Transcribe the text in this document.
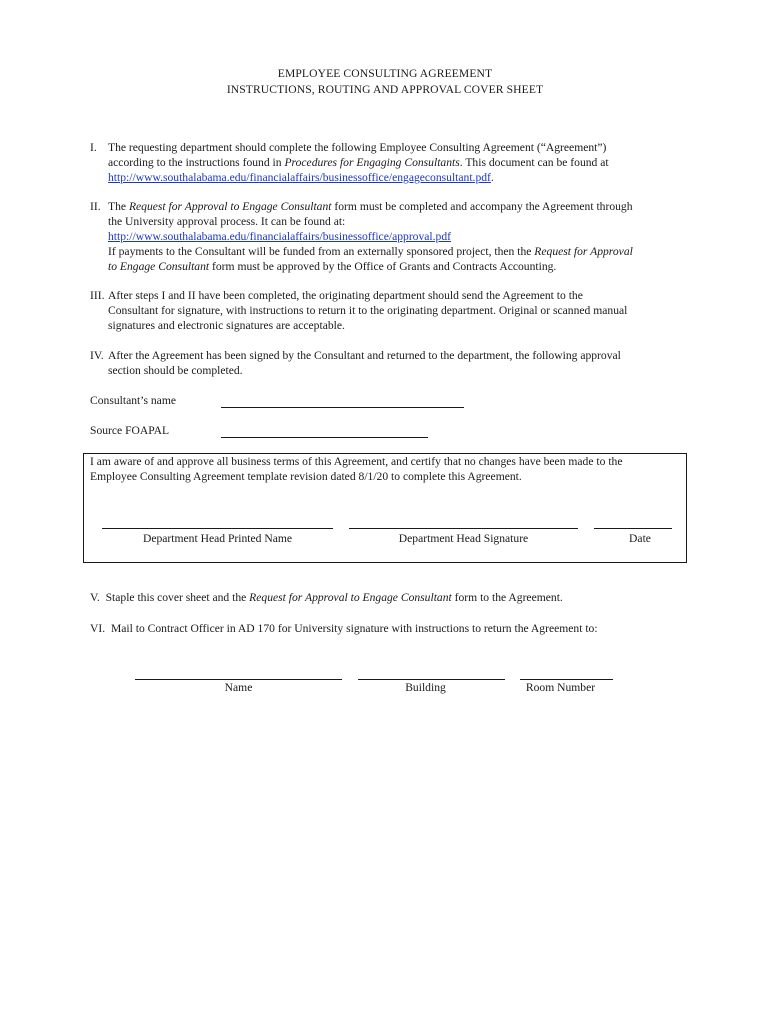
EMPLOYEE CONSULTING AGREEMENT
INSTRUCTIONS, ROUTING AND APPROVAL COVER SHEET
I. The requesting department should complete the following Employee Consulting Agreement (“Agreement”)
according to the instructions found in Procedures for Engaging Consultants. This document can be found at
http://www.southalabama.edu/financialaffairs/businessoffice/engageconsultant.pdf.
II. The Request for Approval to Engage Consultant form must be completed and accompany the Agreement through
the University approval process. It can be found at:
http://www.southalabama.edu/financialaffairs/businessoffice/approval.pdf
If payments to the Consultant will be funded from an externally sponsored project, then the Request for Approval
to Engage Consultant form must be approved by the Office of Grants and Contracts Accounting.
III. After steps I and II have been completed, the originating department should send the Agreement to the
Consultant for signature, with instructions to return it to the originating department. Original or scanned manual
signatures and electronic signatures are acceptable.
IV. After the Agreement has been signed by the Consultant and returned to the department, the following approval
section should be completed.
Consultant’s name
Source FOAPAL
I am aware of and approve all business terms of this Agreement, and certify that no changes have been made to the
Employee Consulting Agreement template revision dated 8/1/20 to complete this Agreement.
Department Head Printed Name	Department Head Signature	Date
V. Staple this cover sheet and the Request for Approval to Engage Consultant form to the Agreement.
VI. Mail to Contract Officer in AD 170 for University signature with instructions to return the Agreement to:
Name	Building	Room Number
